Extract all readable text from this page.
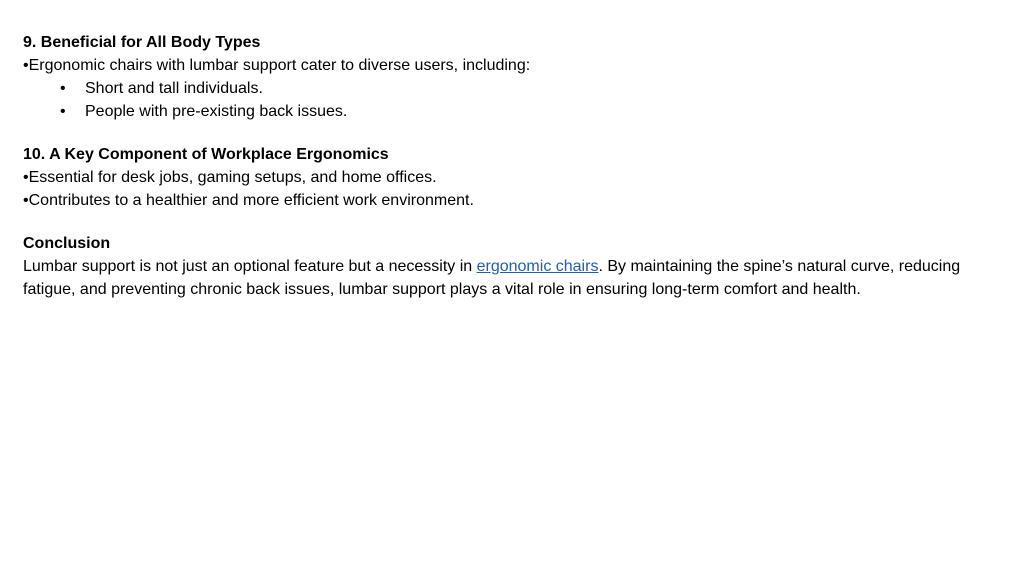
9. Beneficial for All Body Types
•Ergonomic chairs with lumbar support cater to diverse users, including:
• Short and tall individuals.
• People with pre-existing back issues.
10. A Key Component of Workplace Ergonomics
•Essential for desk jobs, gaming setups, and home offices.
•Contributes to a healthier and more efficient work environment.
Conclusion
Lumbar support is not just an optional feature but a necessity in ergonomic chairs. By maintaining the spine’s natural curve, reducing fatigue, and preventing chronic back issues, lumbar support plays a vital role in ensuring long-term comfort and health.
